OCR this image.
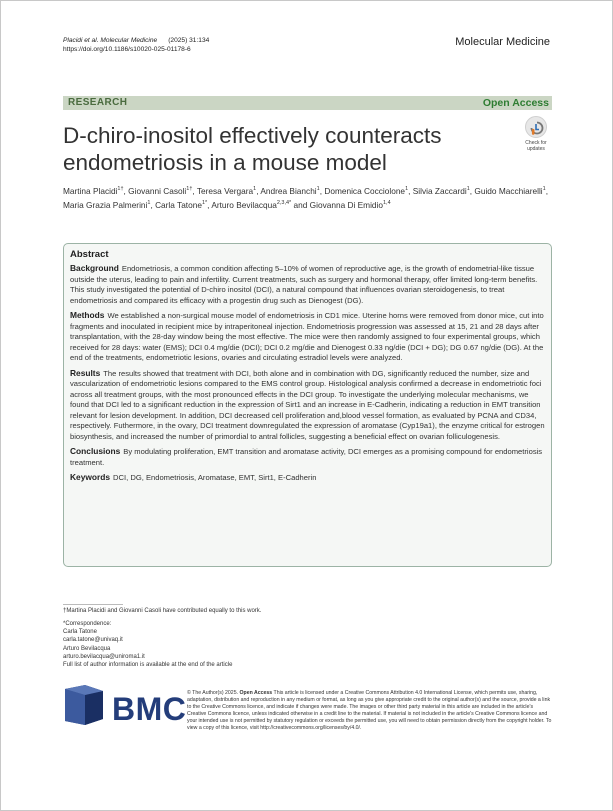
Placidi et al. Molecular Medicine (2025) 31:134
https://doi.org/10.1186/s10020-025-01178-6
Molecular Medicine
RESEARCH	Open Access
D-chiro-inositol effectively counteracts endometriosis in a mouse model
Check for
updates
Martina Placidi$^{1\dagger}$, Giovanni Casoli$^{1\dagger}$, Teresa Vergara$^1$, Andrea Bianchi$^1$, Domenica Cocciolone$^1$, Silvia Zaccardi$^1$, Guido Macchiarelli$^1$, Maria Grazia Palmerini$^1$, Carla Tatone$^{1*}$, Arturo Bevilacqua$^{2,3,4*}$ and Giovanna Di Emidio$^{1,4}$
Abstract

Background Endometriosis, a common condition affecting 5–10% of women of reproductive age, is the growth of endometrial-like tissue outside the uterus, leading to pain and infertility. Current treatments, such as surgery and hormonal therapy, offer limited long-term benefits. This study investigated the potential of D-chiro inositol (DCI), a natural compound that influences ovarian steroidogenesis, to treat endometriosis and compared its efficacy with a progestin drug such as Dienogest (DG).

Methods We established a non-surgical mouse model of endometriosis in CD1 mice. Uterine horns were removed from donor mice, cut into fragments and inoculated in recipient mice by intraperitoneal injection. Endometriosis progression was assessed at 15, 21 and 28 days after transplantation, with the 28-day window being the most effective. The mice were then randomly assigned to four experimental groups, which received for 28 days: water (EMS); DCI 0.4 mg/die (DCI); DCI 0.2 mg/die and Dienogest 0.33 ng/die (DCI + DG); DG 0.67 ng/die (DG). At the end of the treatments, endometriotic lesions, ovaries and circulating estradiol levels were analyzed.

Results The results showed that treatment with DCI, both alone and in combination with DG, significantly reduced the number, size and vascularization of endometriotic lesions compared to the EMS control group. Histological analysis confirmed a decrease in endometriotic foci across all treatment groups, with the most pronounced effects in the DCI group. To investigate the underlying molecular mechanisms, we found that DCI led to a significant reduction in the expression of Sirt1 and an increase in E-Cadherin, indicating a reduction in EMT transition relevant for lesion development. In addition, DCI decreased cell proliferation and,blood vessel formation, as evaluated by PCNA and CD34, respectively. Futhermore, in the ovary, DCI treatment downregulated the expression of aromatase (Cyp19a1), the enzyme critical for estrogen biosynthesis, and increased the number of primordial to antral follicles, suggesting a beneficial effect on ovarian folliculogenesis.

Conclusions By modulating proliferation, EMT transition and aromatase activity, DCI emerges as a promising compound for endometriosis treatment.

Keywords DCI, DG, Endometriosis, Aromatase, EMT, Sirt1, E-Cadherin

†Martina Placidi and Giovanni Casoli have contributed equally to this work.
*Correspondence:
Carla Tatone
carla.tatone@univaq.it
Arturo Bevilacqua
arturo.bevilacqua@uniroma1.it
Full list of author information is available at the end of the article
BMC © The Author(s) 2025. Open Access This article is licensed under a Creative Commons Attribution 4.0 International License, which permits use, sharing, adaptation, distribution and reproduction in any medium or format, as long as you give appropriate credit to the original author(s) and the source, provide a link to the Creative Commons licence, and indicate if changes were made. The images or other third party material in this article are included in the article's Creative Commons licence, unless indicated otherwise in a credit line to the material. If material is not included in the article's Creative Commons licence and your intended use is not permitted by statutory regulation or exceeds the permitted use, you will need to obtain permission directly from the copyright holder. To view a copy of this licence, visit http://creativecommons.org/licenses/by/4.0/.
